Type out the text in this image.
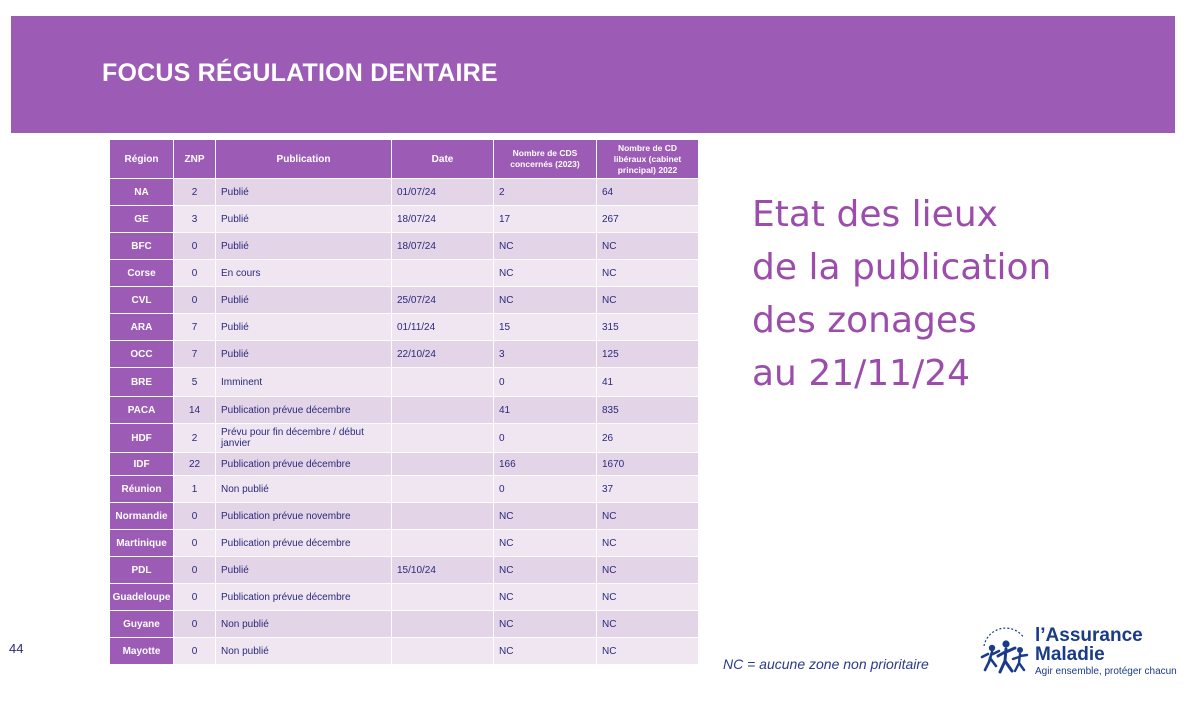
FOCUS RÉGULATION DENTAIRE
Région	ZNP	Publication	Date	Nombre de CDS concernés (2023)	Nombre de CD libéraux (cabinet principal) 2022
NA	2	Publié	01/07/24	2	64
GE	3	Publié	18/07/24	17	267
BFC	0	Publié	18/07/24	NC	NC
Corse	0	En cours		NC	NC
CVL	0	Publié	25/07/24	NC	NC
ARA	7	Publié	01/11/24	15	315
OCC	7	Publié	22/10/24	3	125
BRE	5	Imminent		0	41
PACA	14	Publication prévue décembre		41	835
HDF	2	Prévu pour fin décembre / début janvier		0	26
IDF	22	Publication prévue décembre		166	1670
Réunion	1	Non publié		0	37
Normandie	0	Publication prévue novembre		NC	NC
Martinique	0	Publication prévue décembre		NC	NC
PDL	0	Publié	15/10/24	NC	NC
Guadeloupe	0	Publication prévue décembre		NC	NC
Guyane	0	Non publié		NC	NC
Mayotte	0	Non publié		NC	NC
Etat des lieux
de la publication
des zonages
au 21/11/24
44
NC = aucune zone non prioritaire
l’Assurance
Maladie
Agir ensemble, protéger chacun
